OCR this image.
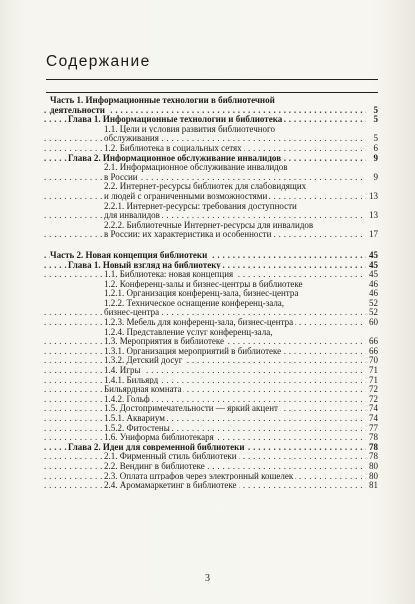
Содержание
Часть 1. Информационные технологии в библиотечной
. . . деятельности	5
. . . Глава 1. Информационные технологии и библиотека	5
1.1. Цели и условия развития библиотечного
. . . обслуживания	5
. . . 1.2. Библиотека в социальных сетях	6
. . . Глава 2. Информационное обслуживание инвалидов	9
2.1. Информационное обслуживание инвалидов
. . . в России	9
2.2. Интернет-ресурсы библиотек для слабовидящих
. . . и людей с ограниченными возможностями	13
2.2.1. Интернет-ресурсы: требования доступности
. . . для инвалидов	13
2.2.2. Библиотечные Интернет-ресурсы для инвалидов
. . . в России: их характеристика и особенности	17
. . . Часть 2. Новая концепция библиотеки	45
. . . Глава 1. Новый взгляд на библиотеку	45
. . . 1.1. Библиотека: новая концепция	45
1.2. Конференц-залы и бизнес-центры в библиотеке	46
1.2.1. Организация конференц-зала, бизнес-центра	46
1.2.2. Техническое оснащение конференц-зала,	52
. . . бизнес-центра	52
. . . 1.2.3. Мебель для конференц-зала, бизнес-центра	60
1.2.4. Представление услуг конференц-зала,
. . . 1.3. Мероприятия в библиотеке	66
. . . 1.3.1. Организация мероприятий в библиотеке	66
. . . 1.3.2. Детский досуг	70
. . . 1.4. Игры	71
. . . 1.4.1. Бильярд	71
. . . Бильярдная комната	72
. . . 1.4.2. Гольф	72
. . . 1.5. Достопримечательности — яркий акцент	74
. . . 1.5.1. Аквариум	74
. . . 1.5.2. Фитостены	77
. . . 1.6. Униформа библиотекаря	78
. . . Глава 2. Идеи для современной библиотеки	78
. . . 2.1. Фирменный стиль библиотеки	78
. . . 2.2. Вендинг в библиотеке	80
. . . 2.3. Оплата штрафов через электронный кошелек	80
. . . 2.4. Аромамаркетинг в библиотеке	81
3
